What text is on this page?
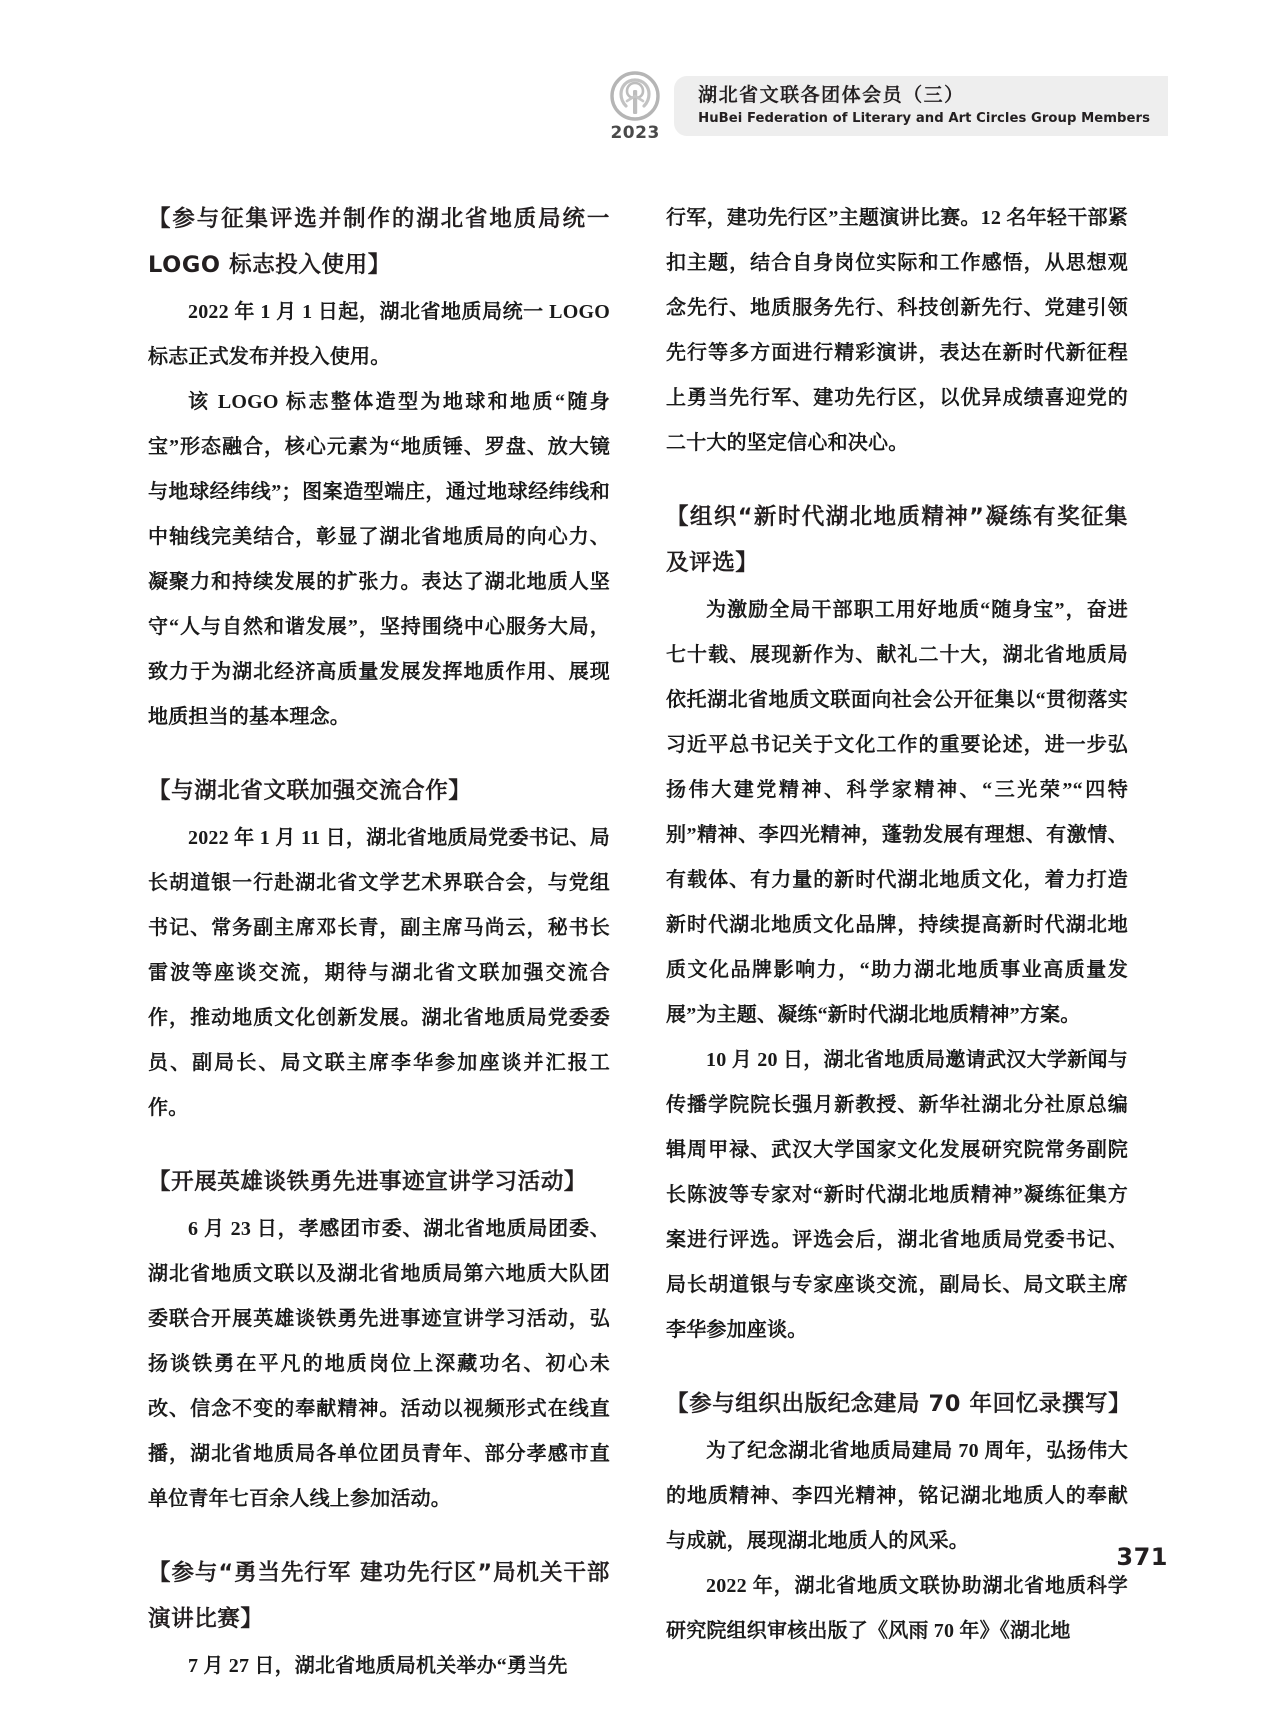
2023
湖北省文联各团体会员（三）
HuBei Federation of Literary and Art Circles Group Members
【参与征集评选并制作的湖北省地质局统一 LOGO 标志投入使用】

2022 年 1 月 1 日起，湖北省地质局统一 LOGO 标志正式发布并投入使用。

该 LOGO 标志整体造型为地球和地质“随身宝”形态融合，核心元素为“地质锤、罗盘、放大镜与地球经纬线”；图案造型端庄，通过地球经纬线和中轴线完美结合，彰显了湖北省地质局的向心力、凝聚力和持续发展的扩张力。表达了湖北地质人坚守“人与自然和谐发展”，坚持围绕中心服务大局，致力于为湖北经济高质量发展发挥地质作用、展现地质担当的基本理念。

【与湖北省文联加强交流合作】

2022 年 1 月 11 日，湖北省地质局党委书记、局长胡道银一行赴湖北省文学艺术界联合会，与党组书记、常务副主席邓长青，副主席马尚云，秘书长雷波等座谈交流，期待与湖北省文联加强交流合作，推动地质文化创新发展。湖北省地质局党委委员、副局长、局文联主席李华参加座谈并汇报工作。

【开展英雄谈铁勇先进事迹宣讲学习活动】

6 月 23 日，孝感团市委、湖北省地质局团委、湖北省地质文联以及湖北省地质局第六地质大队团委联合开展英雄谈铁勇先进事迹宣讲学习活动，弘扬谈铁勇在平凡的地质岗位上深藏功名、初心未改、信念不变的奉献精神。活动以视频形式在线直播，湖北省地质局各单位团员青年、部分孝感市直单位青年七百余人线上参加活动。

【参与“勇当先行军 建功先行区”局机关干部演讲比赛】

7 月 27 日，湖北省地质局机关举办“勇当先

行军，建功先行区”主题演讲比赛。12 名年轻干部紧扣主题，结合自身岗位实际和工作感悟，从思想观念先行、地质服务先行、科技创新先行、党建引领先行等多方面进行精彩演讲，表达在新时代新征程上勇当先行军、建功先行区，以优异成绩喜迎党的二十大的坚定信心和决心。

【组织“新时代湖北地质精神”凝练有奖征集及评选】

为激励全局干部职工用好地质“随身宝”，奋进七十载、展现新作为、献礼二十大，湖北省地质局依托湖北省地质文联面向社会公开征集以“贯彻落实习近平总书记关于文化工作的重要论述，进一步弘扬伟大建党精神、科学家精神、“三光荣”“四特别”精神、李四光精神，蓬勃发展有理想、有激情、有载体、有力量的新时代湖北地质文化，着力打造新时代湖北地质文化品牌，持续提高新时代湖北地质文化品牌影响力，“助力湖北地质事业高质量发展”为主题、凝练“新时代湖北地质精神”方案。

10 月 20 日，湖北省地质局邀请武汉大学新闻与传播学院院长强月新教授、新华社湖北分社原总编辑周甲禄、武汉大学国家文化发展研究院常务副院长陈波等专家对“新时代湖北地质精神”凝练征集方案进行评选。评选会后，湖北省地质局党委书记、局长胡道银与专家座谈交流，副局长、局文联主席李华参加座谈。

【参与组织出版纪念建局 70 年回忆录撰写】

为了纪念湖北省地质局建局 70 周年，弘扬伟大的地质精神、李四光精神，铭记湖北地质人的奉献与成就，展现湖北地质人的风采。

2022 年，湖北省地质文联协助湖北省地质科学研究院组织审核出版了《风雨 70 年》《湖北地

371
